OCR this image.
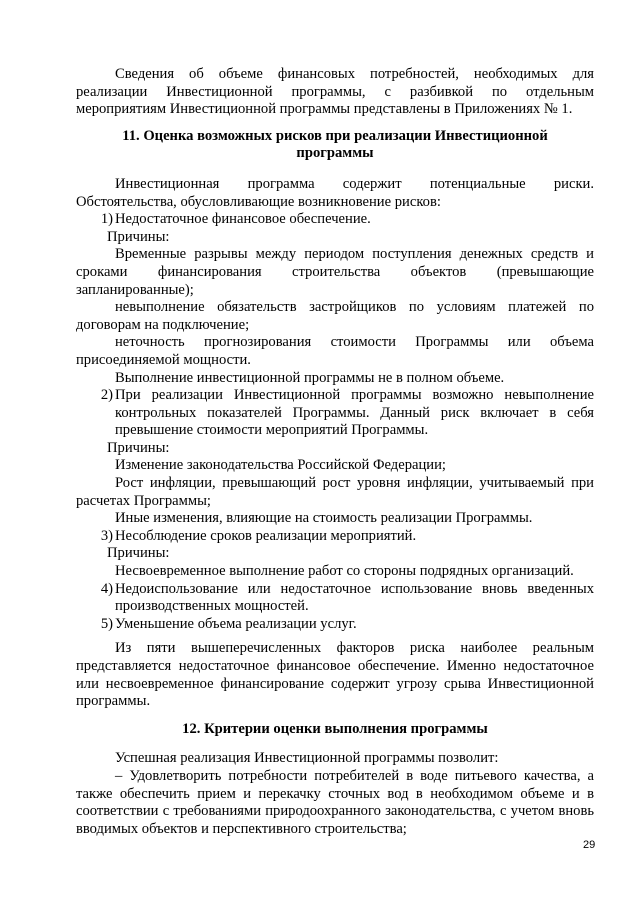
Сведения об объеме финансовых потребностей, необходимых для реализации Инвестиционной программы, с разбивкой по отдельным мероприятиям Инвестиционной программы представлены в Приложениях № 1.

11. Оценка возможных рисков при реализации Инвестиционной программы

Инвестиционная программа содержит потенциальные риски. Обстоятельства, обусловливающие возникновение рисков:

1) Недостаточное финансовое обеспечение.

Причины:

Временные разрывы между периодом поступления денежных средств и сроками финансирования строительства объектов (превышающие запланированные);

невыполнение обязательств застройщиков по условиям платежей по договорам на подключение;

неточность прогнозирования стоимости Программы или объема присоединяемой мощности.

Выполнение инвестиционной программы не в полном объеме.

2) При реализации Инвестиционной программы возможно невыполнение контрольных показателей Программы. Данный риск включает в себя превышение стоимости мероприятий Программы.

Причины:

Изменение законодательства Российской Федерации;

Рост инфляции, превышающий рост уровня инфляции, учитываемый при расчетах Программы;

Иные изменения, влияющие на стоимость реализации Программы.

3) Несоблюдение сроков реализации мероприятий.

Причины:

Несвоевременное выполнение работ со стороны подрядных организаций.

4) Недоиспользование или недостаточное использование вновь введенных производственных мощностей.
5) Уменьшение объема реализации услуг.

Из пяти вышеперечисленных факторов риска наиболее реальным представляется недостаточное финансовое обеспечение. Именно недостаточное или несвоевременное финансирование содержит угрозу срыва Инвестиционной программы.

12. Критерии оценки выполнения программы

Успешная реализация Инвестиционной программы позволит:

– Удовлетворить потребности потребителей в воде питьевого качества, а также обеспечить прием и перекачку сточных вод в необходимом объеме и в соответствии с требованиями природоохранного законодательства, с учетом вновь вводимых объектов и перспективного строительства;

29
